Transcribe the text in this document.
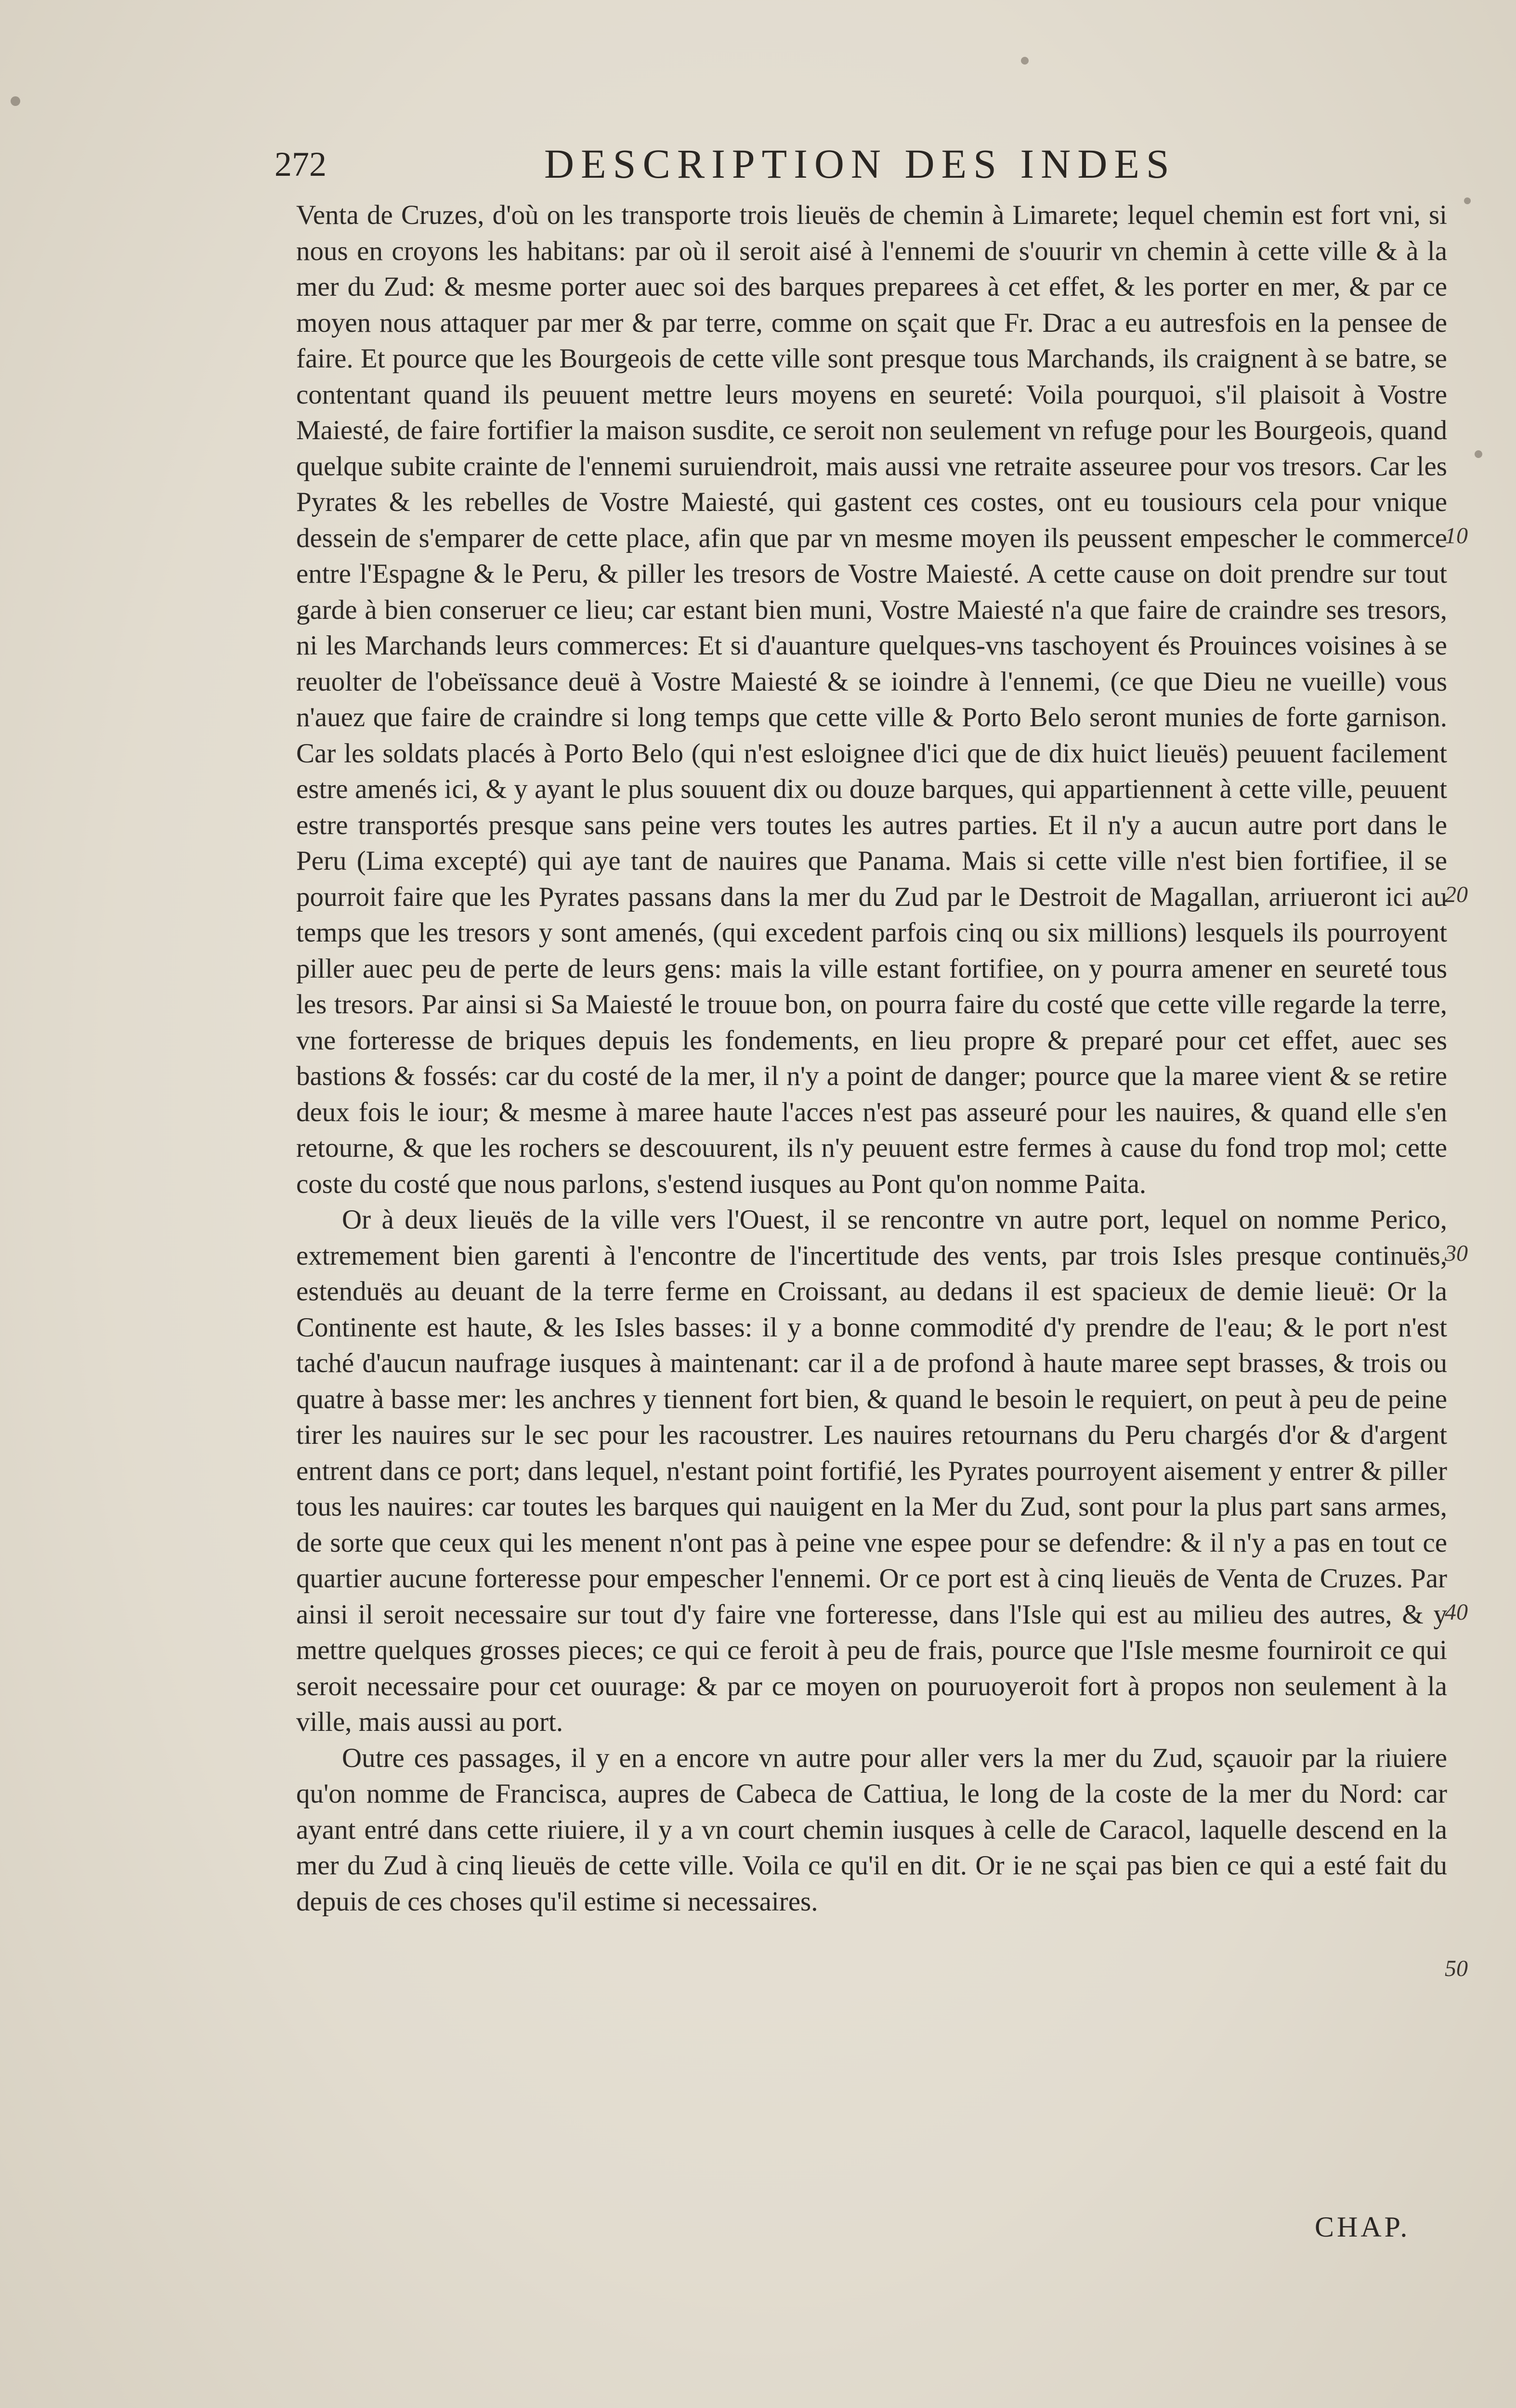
272	DESCRIPTION DES INDES

Venta de Cruzes, d'où on les transporte trois lieuës de chemin à Limarete; lequel chemin est fort vni, si nous en croyons les habitans: par où il seroit aisé à l'ennemi de s'ouurir vn chemin à cette ville & à la mer du Zud: & mesme porter auec soi des barques preparees à cet effet, & les porter en mer, & par ce moyen nous attaquer par mer & par terre, comme on sçait que Fr. Drac a eu autresfois en la pensee de faire. Et pource que les Bourgeois de cette ville sont presque tous Marchands, ils craignent à se batre, se contentant quand ils peuuent mettre leurs moyens en seureté: Voila pourquoi, s'il plaisoit à Vostre Maiesté, de faire fortifier la maison susdite, ce seroit non seulement vn refuge pour les Bourgeois, quand quelque subite crainte de l'ennemi suruiendroit, mais aussi vne retraite asseuree pour vos tresors. Car les Pyrates & les rebelles de Vostre Maiesté, qui gastent ces costes, ont eu tousiours cela pour vnique dessein de s'emparer de cette place, afin que par vn mesme moyen ils peussent empescher le commerce entre l'Espagne & le Peru, & piller les tresors de Vostre Maiesté. A cette cause on doit prendre sur tout garde à bien conseruer ce lieu; car estant bien muni, Vostre Maiesté n'a que faire de craindre ses tresors, ni les Marchands leurs commerces: Et si d'auanture quelques-vns taschoyent és Prouinces voisines à se reuolter de l'obeïssance deuë à Vostre Maiesté & se ioindre à l'ennemi, (ce que Dieu ne vueille) vous n'auez que faire de craindre si long temps que cette ville & Porto Belo seront munies de forte garnison. Car les soldats placés à Porto Belo (qui n'est esloignee d'ici que de dix huict lieuës) peuuent facilement estre amenés ici, & y ayant le plus souuent dix ou douze barques, qui appartiennent à cette ville, peuuent estre transportés presque sans peine vers toutes les autres parties. Et il n'y a aucun autre port dans le Peru (Lima excepté) qui aye tant de nauires que Panama. Mais si cette ville n'est bien fortifiee, il se pourroit faire que les Pyrates passans dans la mer du Zud par le Destroit de Magallan, arriueront ici au temps que les tresors y sont amenés, (qui excedent parfois cinq ou six millions) lesquels ils pourroyent piller auec peu de perte de leurs gens: mais la ville estant fortifiee, on y pourra amener en seureté tous les tresors. Par ainsi si Sa Maiesté le trouue bon, on pourra faire du costé que cette ville regarde la terre, vne forteresse de briques depuis les fondements, en lieu propre & preparé pour cet effet, auec ses bastions & fossés: car du costé de la mer, il n'y a point de danger; pource que la maree vient & se retire deux fois le iour; & mesme à maree haute l'acces n'est pas asseuré pour les nauires, & quand elle s'en retourne, & que les rochers se descouurent, ils n'y peuuent estre fermes à cause du fond trop mol; cette coste du costé que nous parlons, s'estend iusques au Pont qu'on nomme Paita.

Or à deux lieuës de la ville vers l'Ouest, il se rencontre vn autre port, lequel on nomme Perico, extremement bien garenti à l'encontre de l'incertitude des vents, par trois Isles presque continuës, estenduës au deuant de la terre ferme en Croissant, au dedans il est spacieux de demie lieuë: Or la Continente est haute, & les Isles basses: il y a bonne commodité d'y prendre de l'eau; & le port n'est taché d'aucun naufrage iusques à maintenant: car il a de profond à haute maree sept brasses, & trois ou quatre à basse mer: les anchres y tiennent fort bien, & quand le besoin le requiert, on peut à peu de peine tirer les nauires sur le sec pour les racoustrer. Les nauires retournans du Peru chargés d'or & d'argent entrent dans ce port; dans lequel, n'estant point fortifié, les Pyrates pourroyent aisement y entrer & piller tous les nauires: car toutes les barques qui nauigent en la Mer du Zud, sont pour la plus part sans armes, de sorte que ceux qui les menent n'ont pas à peine vne espee pour se defendre: & il n'y a pas en tout ce quartier aucune forteresse pour empescher l'ennemi. Or ce port est à cinq lieuës de Venta de Cruzes. Par ainsi il seroit necessaire sur tout d'y faire vne forteresse, dans l'Isle qui est au milieu des autres, & y mettre quelques grosses pieces; ce qui ce feroit à peu de frais, pource que l'Isle mesme fourniroit ce qui seroit necessaire pour cet ouurage: & par ce moyen on pouruoyeroit fort à propos non seulement à la ville, mais aussi au port.

Outre ces passages, il y en a encore vn autre pour aller vers la mer du Zud, sçauoir par la riuiere qu'on nomme de Francisca, aupres de Cabeca de Cattiua, le long de la coste de la mer du Nord: car ayant entré dans cette riuiere, il y a vn court chemin iusques à celle de Caracol, laquelle descend en la mer du Zud à cinq lieuës de cette ville. Voila ce qu'il en dit. Or ie ne sçai pas bien ce qui a esté fait du depuis de ces choses qu'il estime si necessaires.

10
20
30
40
50
CHAP.
